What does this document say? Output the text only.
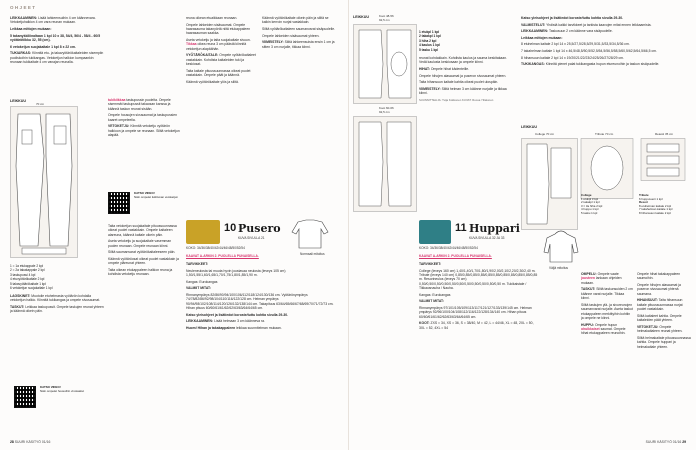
OHJEET

LEIKKAAMINEN: Lisää lahkeensuihin 4 cm käännevara. Vetoketjuhalkion 4 cm vara reunan mukaan.

Leikkaa mittojen mukaan:

5 takanykkiliinaltaan 1 kpl 10 x 38, 54/4, 56/4 - 58/4 - 60/5 vyötärötilkku 32, 55 (cm).

6 vetoketjun suojakaitale 1 kpl 8 x 22 cm.

TUKIARKAS: Kiinnitä etu- ja takavyötärökaitaleiden sisempiin puoliskoihin tukikangas. Vetoketjun halkion kumpaankin reunaan tukikaitale 4 cm vanajan reunalla.

LEIKKUU
70 cm
1 = 1a etukappale 2 kpl
2 = 2a takakappale 2 kpl
3 taskupussi 4 kpl
4 etuvyötärökaitale 2 kpl
5 takavyötärökaitale 1 kpl
6 vetoketjun suojakaitale 1 kpl

LAGSKINET: Muotoile etuhelmasta vyötärön kohdalla vetoketjun halkio. Kiinnitä tukikangas ja ompele sivusaumat.

TASKUT: Leikkaa taskupussit. Ompele taskujen reunat yhteen ja käännä oikein päin.

KATSO VIDEO!
Näin ompelet housuihin vinotaskut

tukikiikkaa taskupussin puolelta. Ompele sisemmät taskupussit takaosan kanssa ja käännä taskun reunat sisään.

Ompele housujen sivusaumat ja taskupussien kaaret ompeleella.

VETOKETJU: Kiinnitä vetoketju vyötärön halkioon ja ompele se reunaan. Silitä vetoketjun alapää.

KATSO VIDEO!
Näin ompelet lukittuvan vetoketjun

Taita vetoketjun suojakaitale pituussuunnassa oikeat puolet vastakkain. Ompele kaitaleen alareuna, käännä kaitale oikein päin.

Aseta vetoketju ja suojakaitale vasemman puolen reunaan. Ompele reunaan kiinni.

Silitä saumanvarat vyötärökaitaleeseen päin.

Käännä vyötäröosat oikeat puolet vastakkain ja ompele yläreunat yhteen.

Taita oikean etukappaleen halkion reuna ja kohdista vetoketju reunaan.

reuna oikean etuaikkaan reunaan.

Ompele lahkeiden sisäsaumat. Ompele haarasauma takanyörtä niitä etukappaleen haarasauman saakka.

Aseta vetoketju ja taita suojakaitale sivuun. Tikkaa oikea reuna 3 cm päästä kiinnitä vetoketjun alapäähän.

VYÖTÄRÖKAITALE: Ompele vyötärökaitaleet vastakkain. Kohdista kaitaleiden tuki ja keskiosat.

Taita kaitale pituussuunnassa oikeat puolet vastakkain. Ompele päät ja käännä.

Käännä vyötärökaitale ylös ja silitä.

Käännä vyötärökaitale oikein päin ja silitä se kaikin kerroin nurjat vastakkain.

Silitä vyötärökaitaleen saumanvarat sisäpuolelle.

Ompele lahkeiden sisäsaumat yhteen.

VIIMEISTELY: Silitä lahkeensuista ensin 1 cm ja sitten 3 cm nurjalle, tikkaa kiinni.

10 Pusero
KUVA SIVULLA 21
KOKO: 34/36/38/40/42/44/46/48/50/52/54
KAAVAT A-ARKIN 2. PUOLELLA PUNAISELLA.	Normaali mitoitus

TARVIKKEET:

Neuleneulosta tai muuta hyvin joustavaa neulosta (leveys 105 cm) 1,50/1,55/1,60/1,65/1,70/1,75/1,80/1,85/1,90 m.

Kangas: Eurokangas

VALMIIT MITAT:

Rinnanympärys 82/86/90/94/100/106/112/118/124/130/136 cm. Vyötärönympärys 74/78/82/86/92/98/104/110/116/122/128 cm. Helman ympärys 90/94/98/102/108/114/120/126/132/138/144 cm. Takapituus 63/64/65/66/67/68/69/70/71/72/73 cm. Hihan pituus 60/60/61/61/62/62/63/63/64/64/65 cm.

Katso yleisohjeet ja lisätiedot koroste/tuttu kohtia sivulla 29-30.

LEIKKAAMINEN: Lisää helmaan 3 cm käänneva ra.

Huom! Hihan ja takakappaleen leikkaa suunnitelman mukaan.

28 SUURI KÄSITYÖ 01/16
LEIKKUU	Koot 48-56
92,5 cm
Koot 60-66
92,5 cm
1 etukpl 1 kpl
2 takakpl 1 kpl
3 hiha 2 kpl
4 kaulus 1 kpl
5 tasku 1 kpl

reunat kohdakkain. Kohdista kaulus ja sauma keskitakaan. Vedä kaulusta keskiosaan ja ompele kiinni.

HIHAT: Ompele hihat kädenteille.

Ompele hihojen alasaumat ja puseron sivusaumat yhteen.

Taita hihansuun kaitale kahtia oikeat puolet ulospäin.

VIIMEISTELY: Silitä helman 3 cm käänne nurjalle ja tikkaa kiinni.

SUUNNITTELIJA: Tuija Kokkonen KUVAT: Roosa Ylitalonen

Katso yleisohjeet ja lisätiedot koroste/tuttu kohtia sivulla 29-30.

VALMISTELUT: Yhdistä kaikki tarvikkeet ja tarkista kaavojen mitat ennen leikkaamista.

LEIKKAAMINEN: Taskusuun 2 cm käänne vara sisäpuolelle.

Leikkaa mittojen mukaan:

8 etuhelman kaitale 2 kpl 14 x 25,5/27,5/28,5/29,5/31,5/33,5/34,5/36 cm.

7 takahelman kaitale 1 kpl 14 x 46,5/48,5/50,5/52,5/54,5/56,5/58,5/60,5/62,5/64,5/66,5 cm.

8 hihansuun kaitale 2 kpl 14 x 19/20/21/22/23/24/25/26/27/28/29 cm.

TUKIKANGAS: Kiinnitä pienet palat tukikangasta hupun etureunoihin ja taskun sisäpuolelle.

LEIKKUU
College 70 cm	Tribute 70 cm	Reiesti 35 cm
College
1 etukpl 3 kpl
2 takakpl 1 kpl
3 = 3a hiha 2 kpl
4 huppu 1 kpl
5 tasku 1 kpl
Tribute
6 huppuvuori 1 kpl
Resori
8 etuhelman kaitale 2 kpl
7 takahelman kaitale 1 kpl
8 hihansuun kaitale 2 kpl
11 Huppari
KUVA SIVULLA 32 JA 33
KOKO: 34/36/38/40/42/44/46/48/50/52/54
KAAVAT A-ARKIN 2. PUOLELLA PUNAISELLA.
Väljä mitoitus

TARVIKKEET:

College (leveys 160 cm) 1,40/1,40/1,70/1,80/1,90/2,00/2,10/2,20/2,30/2,40 m. Tribute (leveys 140 cm) 0,85/0,85/0,85/0,85/0,85/0,85/0,85/0,85/0,85/0,85/0,85 m. Resorineulos (leveys 70 cm) 0,50/0,50/0,50/0,50/0,50/0,50/0,50/0,50/0,50/0,50/0,50 m. Tukikaistale / Tikkausnauha / Nauha.

Kangas: Eurokangas

VALMIIT MITAT:

Rinnanympärys 97/101/105/109/113/117/121/127/133/139/145 cm. Helman ympärys 92/96/100/104/108/112/116/122/128/134/140 cm. Hihan pituus 60/60/61/61/62/62/63/63/64/64/65 cm.

KOOT: ZXS = 34, XS = 36, S = 38/40, M = 42, L = 44/46, XL = 48, 2XL = 50, 3XL = 52, 4XL = 54

OMPELU: Ompele vaate jousteen lankaan ohjeiden mukaan.

TASKUT: Silitä taskunsuiden 2 cm käänne varat nurjalle. Tikkaa kiinni.

Silitä taskujen ylä- ja sivureunojen saumanvarat nurjalle. Aseta taskut etukappaleen merkittyihin kohtiin ja ompele ne kiinni.

HUPPU: Ompele hupun ohuikkaiset saumat. Ompele hihat etukappaleen reunoihin.

Ompele hihat takakappaleen saumoihin.

Ompele hihojen alasaumat ja puseron sivusaumat yhtenä saumana.

HIHANSUUT: Taita hihansuun kaitale pituussuunnassa nurjat puolet vastakkain.

Silitä kaitaleet kahtia. Ompele kaitaleiden päät yhteen.

VETOKETJU: Ompele helmakaitaleen reunat yhteen.

Silitä helmakaitale pituussuunnassa kahtia. Ompele huppari ja helmakaitale yhteen.

SUURI KÄSITYÖ 01/16 29
